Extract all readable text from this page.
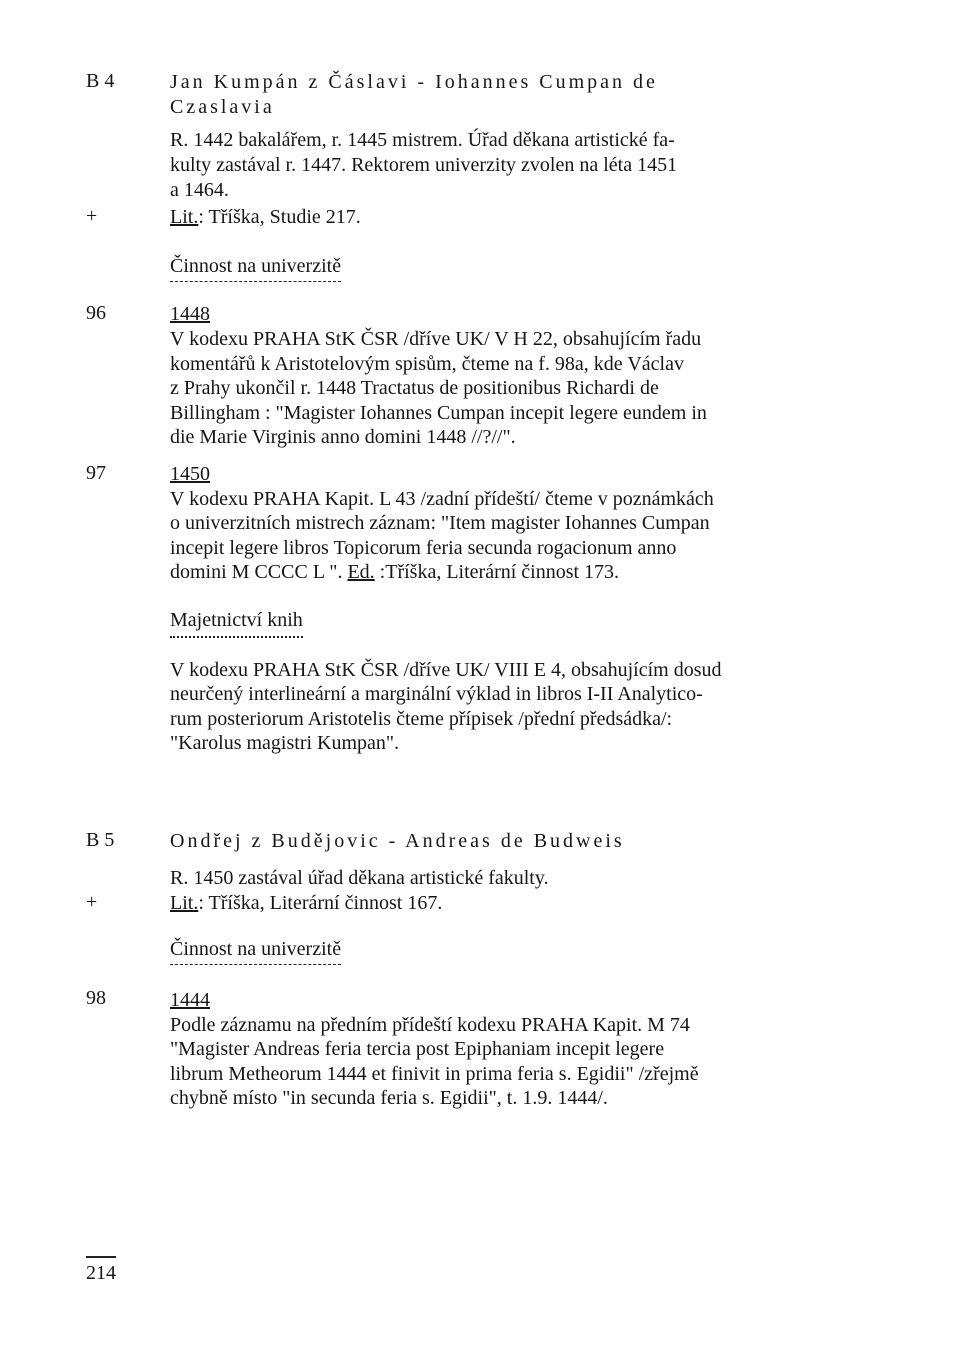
B 4	Jan Kumpán z Čáslavi - Iohannes Cumpan de
Czaslavia
R. 1442 bakalářem, r. 1445 mistrem. Úřad děkana artistické fa-
kulty zastával r. 1447. Rektorem univerzity zvolen na léta 1451
a 1464.
+	Lit.: Tříška, Studie 217.
Činnost na univerzitě
96	1448
V kodexu PRAHA StK ČSR /dříve UK/ V H 22, obsahujícím řadu
komentářů k Aristotelovým spisům, čteme na f. 98a, kde Václav
z Prahy ukončil r. 1448 Tractatus de positionibus Richardi de
Billingham : "Magister Iohannes Cumpan incepit legere eundem in
die Marie Virginis anno domini 1448 //?//".
97	1450
V kodexu PRAHA Kapit. L 43 /zadní přídeští/ čteme v poznámkách
o univerzitních mistrech záznam: "Item magister Iohannes Cumpan
incepit legere libros Topicorum feria secunda rogacionum anno
domini M CCCC L ". Ed. :Tříška, Literární činnost 173.
Majetnictví knih
V kodexu PRAHA StK ČSR /dříve UK/ VIII E 4, obsahujícím dosud
neurčený interlineární a marginální výklad in libros I-II Analytico-
rum posteriorum Aristotelis čteme přípisek /přední předsádka/:
"Karolus magistri Kumpan".
B 5	Ondřej z Budějovic - Andreas de Budweis
R. 1450 zastával úřad děkana artistické fakulty.
+	Lit.: Tříška, Literární činnost 167.
Činnost na univerzitě
98	1444
Podle záznamu na předním přídeští kodexu PRAHA Kapit. M 74
"Magister Andreas feria tercia post Epiphaniam incepit legere
librum Metheorum 1444 et finivit in prima feria s. Egidii" /zřejmě
chybně místo "in secunda feria s. Egidii", t. 1.9. 1444/.
214
